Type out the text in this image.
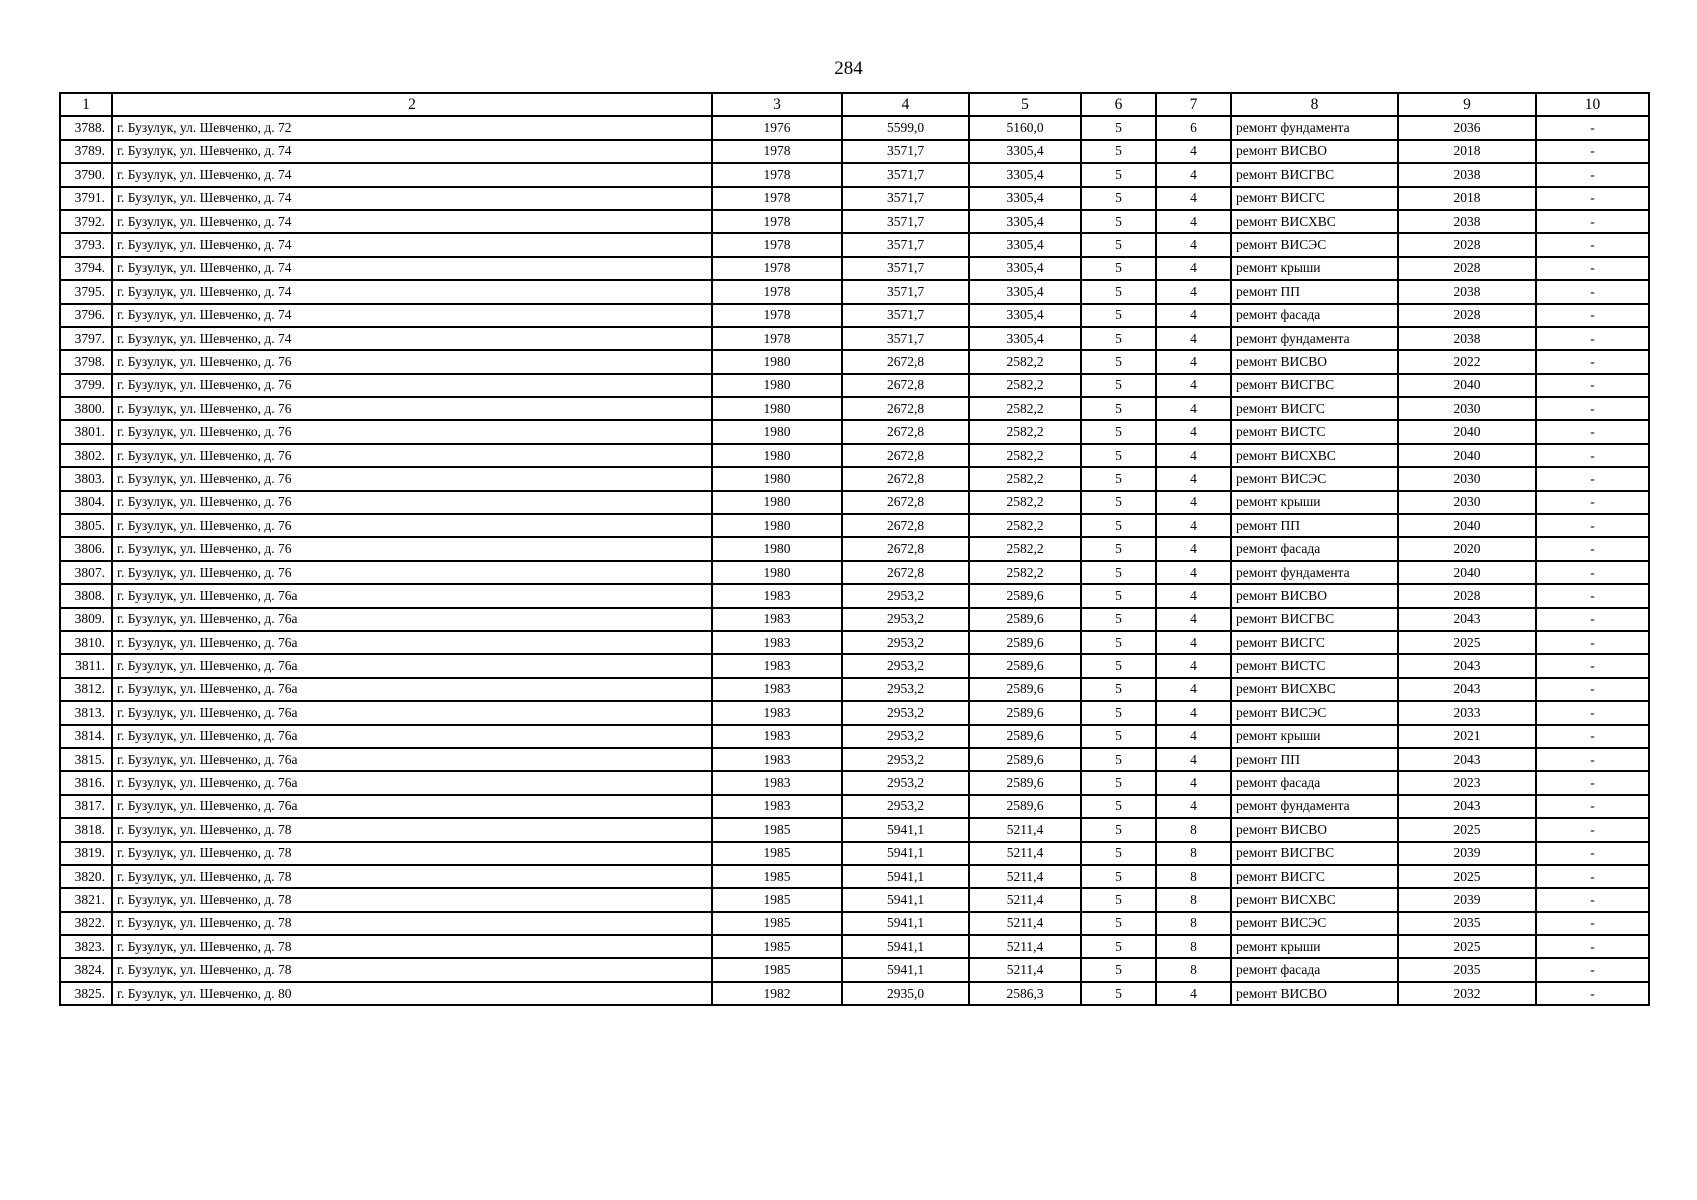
284
1	2	3	4	5	6	7	8	9	10
3788.	г. Бузулук, ул. Шевченко, д. 72	1976	5599,0	5160,0	5	6	ремонт фундамента	2036	-
3789.	г. Бузулук, ул. Шевченко, д. 74	1978	3571,7	3305,4	5	4	ремонт ВИСВО	2018	-
3790.	г. Бузулук, ул. Шевченко, д. 74	1978	3571,7	3305,4	5	4	ремонт ВИСГВС	2038	-
3791.	г. Бузулук, ул. Шевченко, д. 74	1978	3571,7	3305,4	5	4	ремонт ВИСГС	2018	-
3792.	г. Бузулук, ул. Шевченко, д. 74	1978	3571,7	3305,4	5	4	ремонт ВИСХВС	2038	-
3793.	г. Бузулук, ул. Шевченко, д. 74	1978	3571,7	3305,4	5	4	ремонт ВИСЭС	2028	-
3794.	г. Бузулук, ул. Шевченко, д. 74	1978	3571,7	3305,4	5	4	ремонт крыши	2028	-
3795.	г. Бузулук, ул. Шевченко, д. 74	1978	3571,7	3305,4	5	4	ремонт ПП	2038	-
3796.	г. Бузулук, ул. Шевченко, д. 74	1978	3571,7	3305,4	5	4	ремонт фасада	2028	-
3797.	г. Бузулук, ул. Шевченко, д. 74	1978	3571,7	3305,4	5	4	ремонт фундамента	2038	-
3798.	г. Бузулук, ул. Шевченко, д. 76	1980	2672,8	2582,2	5	4	ремонт ВИСВО	2022	-
3799.	г. Бузулук, ул. Шевченко, д. 76	1980	2672,8	2582,2	5	4	ремонт ВИСГВС	2040	-
3800.	г. Бузулук, ул. Шевченко, д. 76	1980	2672,8	2582,2	5	4	ремонт ВИСГС	2030	-
3801.	г. Бузулук, ул. Шевченко, д. 76	1980	2672,8	2582,2	5	4	ремонт ВИСТС	2040	-
3802.	г. Бузулук, ул. Шевченко, д. 76	1980	2672,8	2582,2	5	4	ремонт ВИСХВС	2040	-
3803.	г. Бузулук, ул. Шевченко, д. 76	1980	2672,8	2582,2	5	4	ремонт ВИСЭС	2030	-
3804.	г. Бузулук, ул. Шевченко, д. 76	1980	2672,8	2582,2	5	4	ремонт крыши	2030	-
3805.	г. Бузулук, ул. Шевченко, д. 76	1980	2672,8	2582,2	5	4	ремонт ПП	2040	-
3806.	г. Бузулук, ул. Шевченко, д. 76	1980	2672,8	2582,2	5	4	ремонт фасада	2020	-
3807.	г. Бузулук, ул. Шевченко, д. 76	1980	2672,8	2582,2	5	4	ремонт фундамента	2040	-
3808.	г. Бузулук, ул. Шевченко, д. 76а	1983	2953,2	2589,6	5	4	ремонт ВИСВО	2028	-
3809.	г. Бузулук, ул. Шевченко, д. 76а	1983	2953,2	2589,6	5	4	ремонт ВИСГВС	2043	-
3810.	г. Бузулук, ул. Шевченко, д. 76а	1983	2953,2	2589,6	5	4	ремонт ВИСГС	2025	-
3811.	г. Бузулук, ул. Шевченко, д. 76а	1983	2953,2	2589,6	5	4	ремонт ВИСТС	2043	-
3812.	г. Бузулук, ул. Шевченко, д. 76а	1983	2953,2	2589,6	5	4	ремонт ВИСХВС	2043	-
3813.	г. Бузулук, ул. Шевченко, д. 76а	1983	2953,2	2589,6	5	4	ремонт ВИСЭС	2033	-
3814.	г. Бузулук, ул. Шевченко, д. 76а	1983	2953,2	2589,6	5	4	ремонт крыши	2021	-
3815.	г. Бузулук, ул. Шевченко, д. 76а	1983	2953,2	2589,6	5	4	ремонт ПП	2043	-
3816.	г. Бузулук, ул. Шевченко, д. 76а	1983	2953,2	2589,6	5	4	ремонт фасада	2023	-
3817.	г. Бузулук, ул. Шевченко, д. 76а	1983	2953,2	2589,6	5	4	ремонт фундамента	2043	-
3818.	г. Бузулук, ул. Шевченко, д. 78	1985	5941,1	5211,4	5	8	ремонт ВИСВО	2025	-
3819.	г. Бузулук, ул. Шевченко, д. 78	1985	5941,1	5211,4	5	8	ремонт ВИСГВС	2039	-
3820.	г. Бузулук, ул. Шевченко, д. 78	1985	5941,1	5211,4	5	8	ремонт ВИСГС	2025	-
3821.	г. Бузулук, ул. Шевченко, д. 78	1985	5941,1	5211,4	5	8	ремонт ВИСХВС	2039	-
3822.	г. Бузулук, ул. Шевченко, д. 78	1985	5941,1	5211,4	5	8	ремонт ВИСЭС	2035	-
3823.	г. Бузулук, ул. Шевченко, д. 78	1985	5941,1	5211,4	5	8	ремонт крыши	2025	-
3824.	г. Бузулук, ул. Шевченко, д. 78	1985	5941,1	5211,4	5	8	ремонт фасада	2035	-
3825.	г. Бузулук, ул. Шевченко, д. 80	1982	2935,0	2586,3	5	4	ремонт ВИСВО	2032	-
